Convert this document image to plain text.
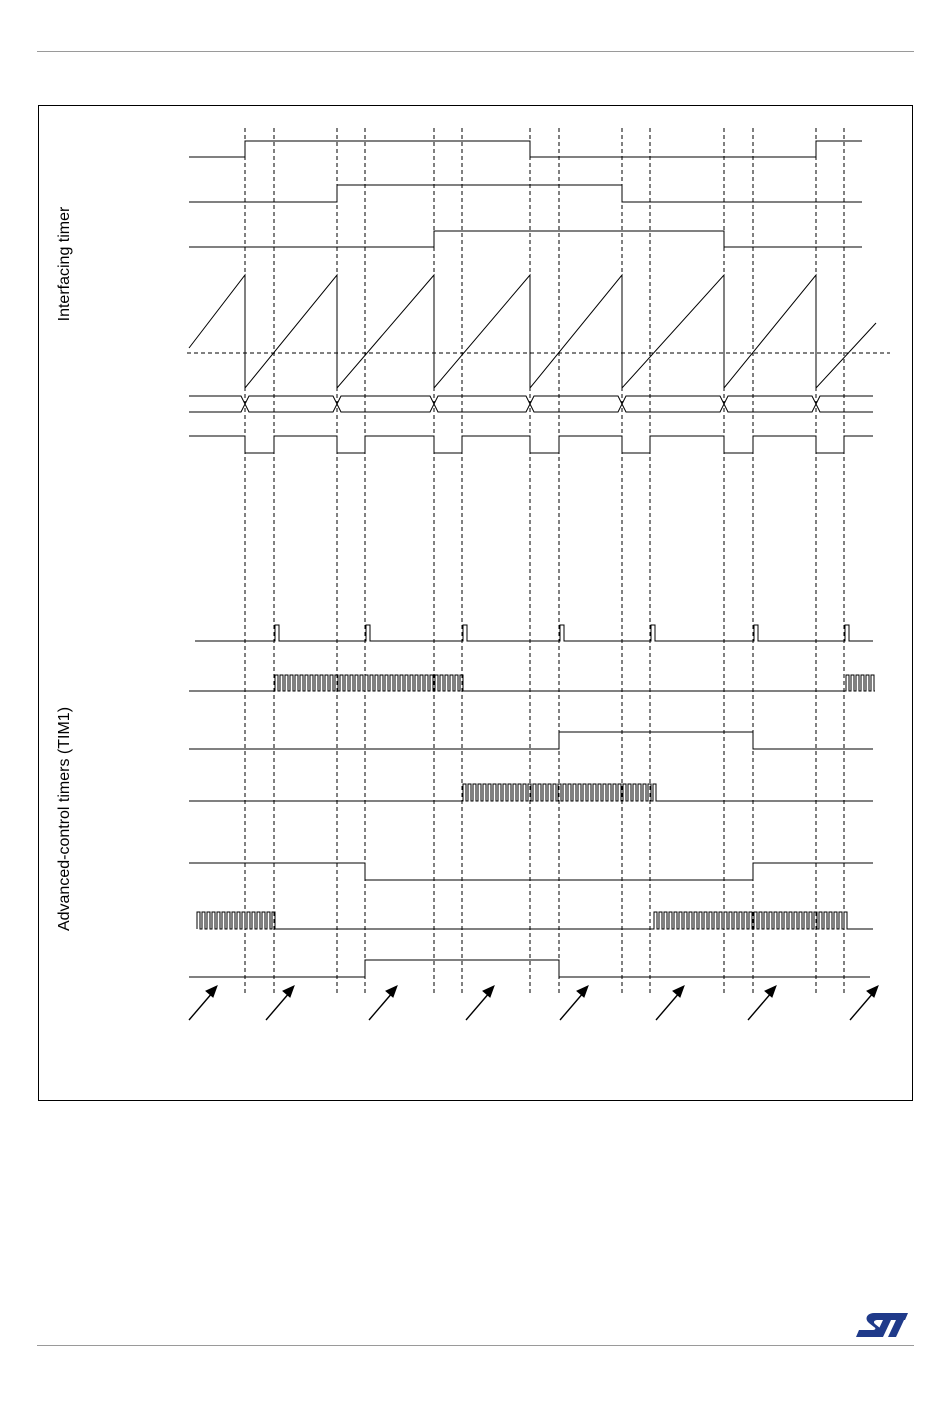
Interfacing timer
Advanced-control timers (TIM1)
